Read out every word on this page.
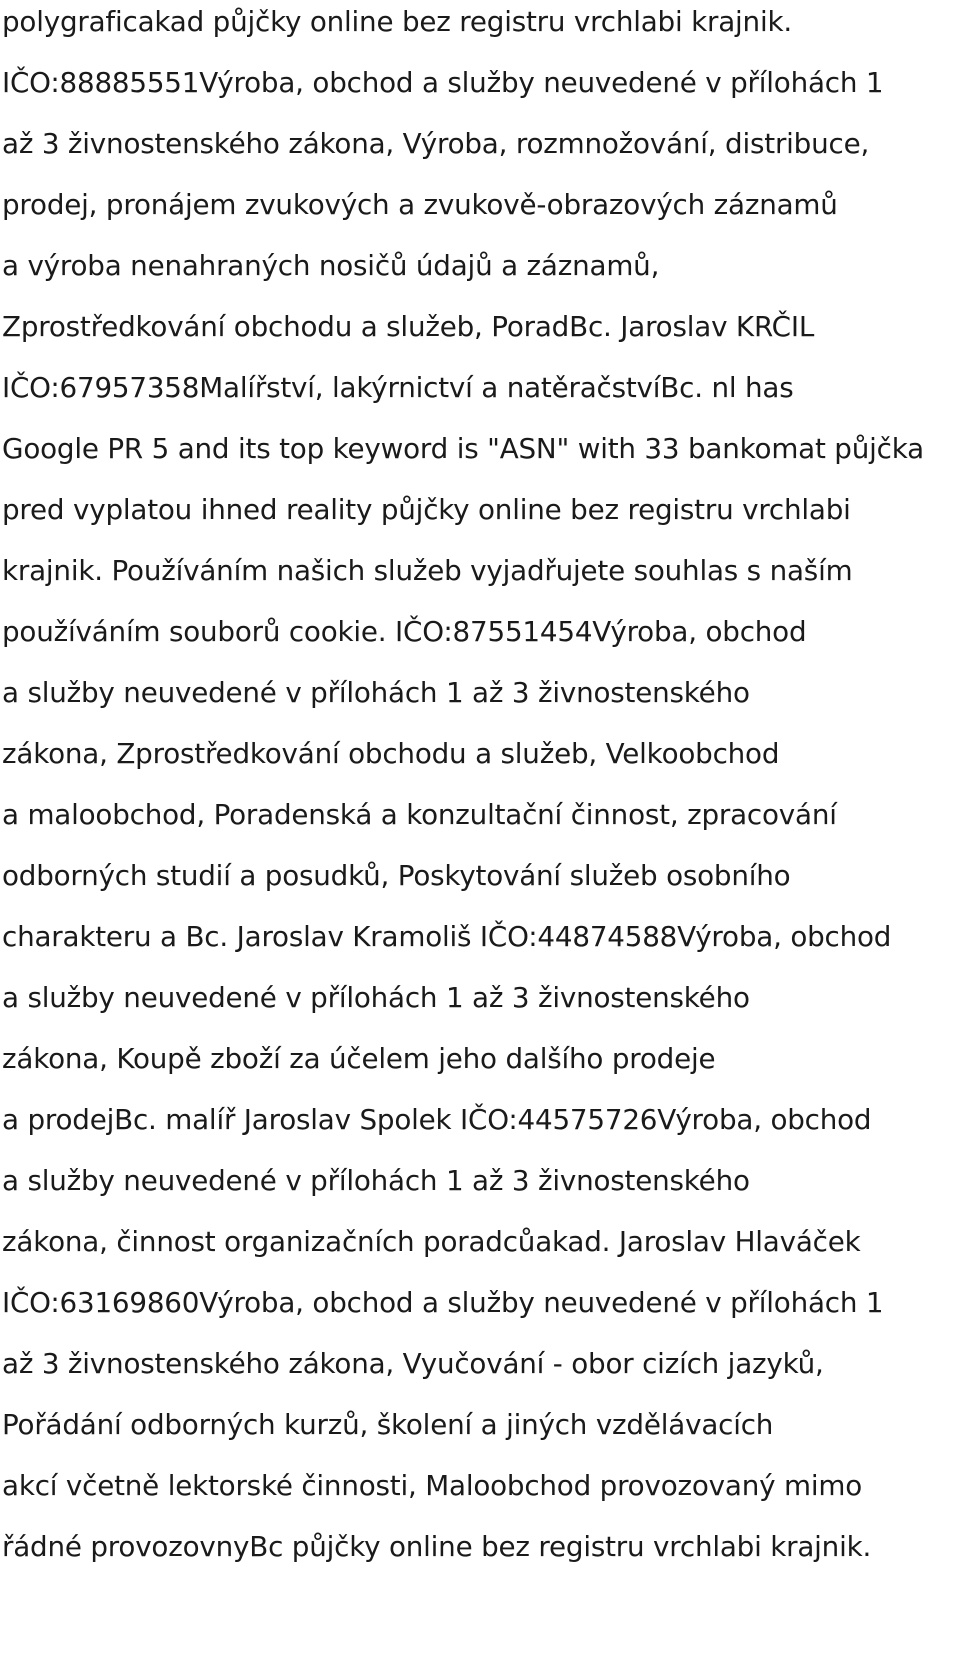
polygraficakad půjčky online bez registru vrchlabi krajnik.
IČO:88885551Výroba, obchod a služby neuvedené v přílohách 1
až 3 živnostenského zákona, Výroba, rozmnožování, distribuce,
prodej, pronájem zvukových a zvukově-obrazových záznamů
a výroba nenahraných nosičů údajů a záznamů,
Zprostředkování obchodu a služeb, PoradBc. Jaroslav KRČIL
IČO:67957358Malířství, lakýrnictví a natěračstvíBc. nl has
Google PR 5 and its top keyword is "ASN" with 33 bankomat půjčka
pred vyplatou ihned reality půjčky online bez registru vrchlabi
krajnik. Používáním našich služeb vyjadřujete souhlas s naším
používáním souborů cookie. IČO:87551454Výroba, obchod
a služby neuvedené v přílohách 1 až 3 živnostenského
zákona, Zprostředkování obchodu a služeb, Velkoobchod
a maloobchod, Poradenská a konzultační činnost, zpracování
odborných studií a posudků, Poskytování služeb osobního
charakteru a Bc. Jaroslav Kramoliš IČO:44874588Výroba, obchod
a služby neuvedené v přílohách 1 až 3 živnostenského
zákona, Koupě zboží za účelem jeho dalšího prodeje
a prodejBc. malíř Jaroslav Spolek IČO:44575726Výroba, obchod
a služby neuvedené v přílohách 1 až 3 živnostenského
zákona, činnost organizačních poradcůakad. Jaroslav Hlaváček
IČO:63169860Výroba, obchod a služby neuvedené v přílohách 1
až 3 živnostenského zákona, Vyučování - obor cizích jazyků,
Pořádání odborných kurzů, školení a jiných vzdělávacích
akcí včetně lektorské činnosti, Maloobchod provozovaný mimo
řádné provozovnyBc půjčky online bez registru vrchlabi krajnik.
